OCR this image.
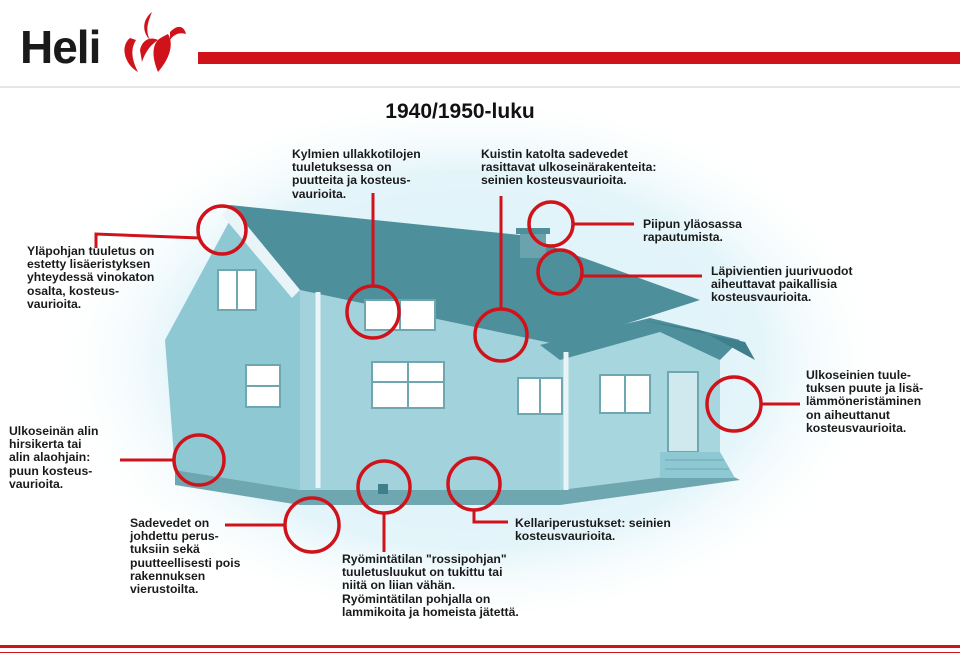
Heli
1940/1950-luku
Kylmien ullakkotilojen
tuuletuksessa on
puutteita ja kosteus-
vaurioita.
Kuistin katolta sadevedet
rasittavat ulkoseinärakenteita:
seinien kosteusvaurioita.
Piipun yläosassa
rapautumista.
Läpivientien juurivuodot
aiheuttavat paikallisia
kosteusvaurioita.
Yläpohjan tuuletus on
estetty lisäeristyksen
yhteydessä vinokaton
osalta, kosteus-
vaurioita.
Ulkoseinien tuule-
tuksen puute ja lisä-
lämmöneristäminen
on aiheuttanut
kosteusvaurioita.
Ulkoseinän alin
hirsikerta tai
alin alaohjain:
puun kosteus-
vaurioita.
Sadevedet on
johdettu perus-
tuksiin sekä
puutteellisesti pois
rakennuksen
vierustoilta.
Ryömintätilan "rossipohjan"
tuuletusluukut on tukittu tai
niitä on liian vähän.
Ryömintätilan pohjalla on
lammikoita ja homeista jätettä.
Kellariperustukset: seinien
kosteusvaurioita.
